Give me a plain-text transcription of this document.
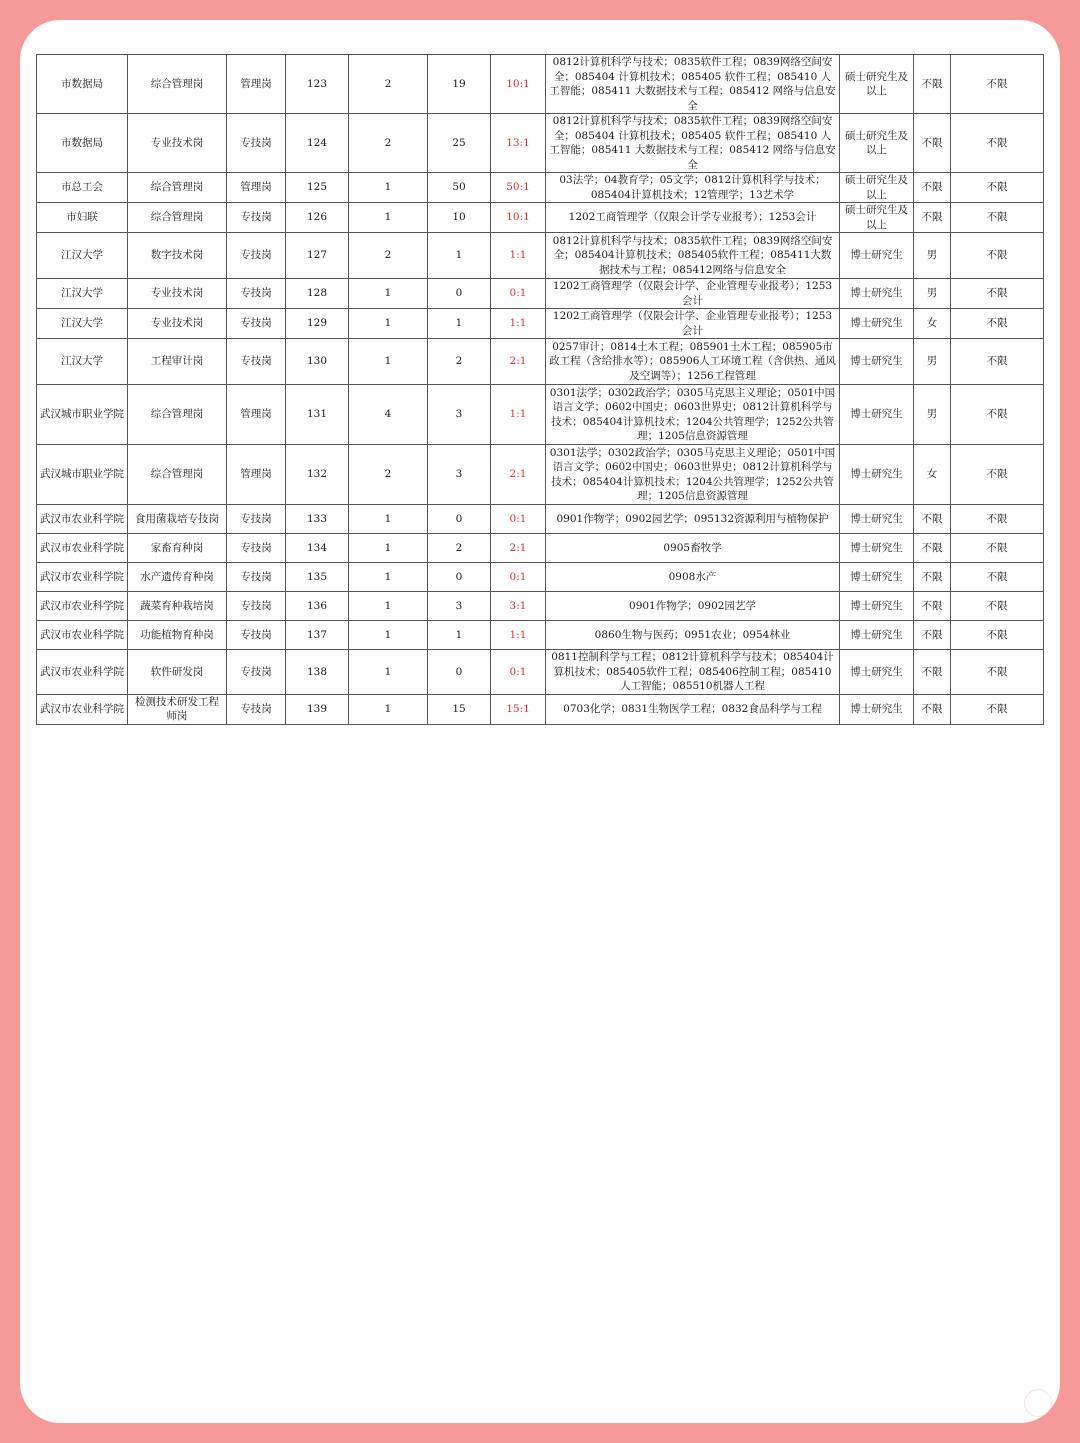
市数据局	综合管理岗	管理岗	123	2	19	10:1	0812计算机科学与技术；0835软件工程；0839网络空间安全；085404 计算机技术；085405 软件工程；085410 人工智能；085411 大数据技术与工程；085412 网络与信息安全	硕士研究生及以上	不限	不限
市数据局	专业技术岗	专技岗	124	2	25	13:1	0812计算机科学与技术；0835软件工程；0839网络空间安全；085404 计算机技术；085405 软件工程；085410 人工智能；085411 大数据技术与工程；085412 网络与信息安全	硕士研究生及以上	不限	不限
市总工会	综合管理岗	管理岗	125	1	50	50:1	03法学；04教育学；05文学；0812计算机科学与技术；085404计算机技术；12管理学；13艺术学	硕士研究生及以上	不限	不限
市妇联	综合管理岗	专技岗	126	1	10	10:1	1202工商管理学（仅限会计学专业报考）；1253会计	硕士研究生及以上	不限	不限
江汉大学	数字技术岗	专技岗	127	2	1	1:1	0812计算机科学与技术；0835软件工程；0839网络空间安全；085404计算机技术；085405软件工程；085411大数据技术与工程；085412网络与信息安全	博士研究生	男	不限
江汉大学	专业技术岗	专技岗	128	1	0	0:1	1202工商管理学（仅限会计学、企业管理专业报考）；1253会计	博士研究生	男	不限
江汉大学	专业技术岗	专技岗	129	1	1	1:1	1202工商管理学（仅限会计学、企业管理专业报考）；1253会计	博士研究生	女	不限
江汉大学	工程审计岗	专技岗	130	1	2	2:1	0257审计；0814土木工程；085901土木工程；085905市政工程（含给排水等）；085906人工环境工程（含供热、通风及空调等）；1256工程管理	博士研究生	男	不限
武汉城市职业学院	综合管理岗	管理岗	131	4	3	1:1	0301法学；0302政治学；0305马克思主义理论；0501中国语言文学；0602中国史；0603世界史；0812计算机科学与技术；085404计算机技术；1204公共管理学；1252公共管理；1205信息资源管理	博士研究生	男	不限
武汉城市职业学院	综合管理岗	管理岗	132	2	3	2:1	0301法学；0302政治学；0305马克思主义理论；0501中国语言文学；0602中国史；0603世界史；0812计算机科学与技术；085404计算机技术；1204公共管理学；1252公共管理；1205信息资源管理	博士研究生	女	不限
武汉市农业科学院	食用菌栽培专技岗	专技岗	133	1	0	0:1	0901作物学；0902园艺学；095132资源利用与植物保护	博士研究生	不限	不限
武汉市农业科学院	家畜育种岗	专技岗	134	1	2	2:1	0905畜牧学	博士研究生	不限	不限
武汉市农业科学院	水产遗传育种岗	专技岗	135	1	0	0:1	0908水产	博士研究生	不限	不限
武汉市农业科学院	蔬菜育种栽培岗	专技岗	136	1	3	3:1	0901作物学；0902园艺学	博士研究生	不限	不限
武汉市农业科学院	功能植物育种岗	专技岗	137	1	1	1:1	0860生物与医药；0951农业；0954林业	博士研究生	不限	不限
武汉市农业科学院	软件研发岗	专技岗	138	1	0	0:1	0811控制科学与工程；0812计算机科学与技术；085404计算机技术；085405软件工程；085406控制工程；085410人工智能；085510机器人工程	博士研究生	不限	不限
武汉市农业科学院	检测技术研发工程师岗	专技岗	139	1	15	15:1	0703化学；0831生物医学工程；0832食品科学与工程	博士研究生	不限	不限
